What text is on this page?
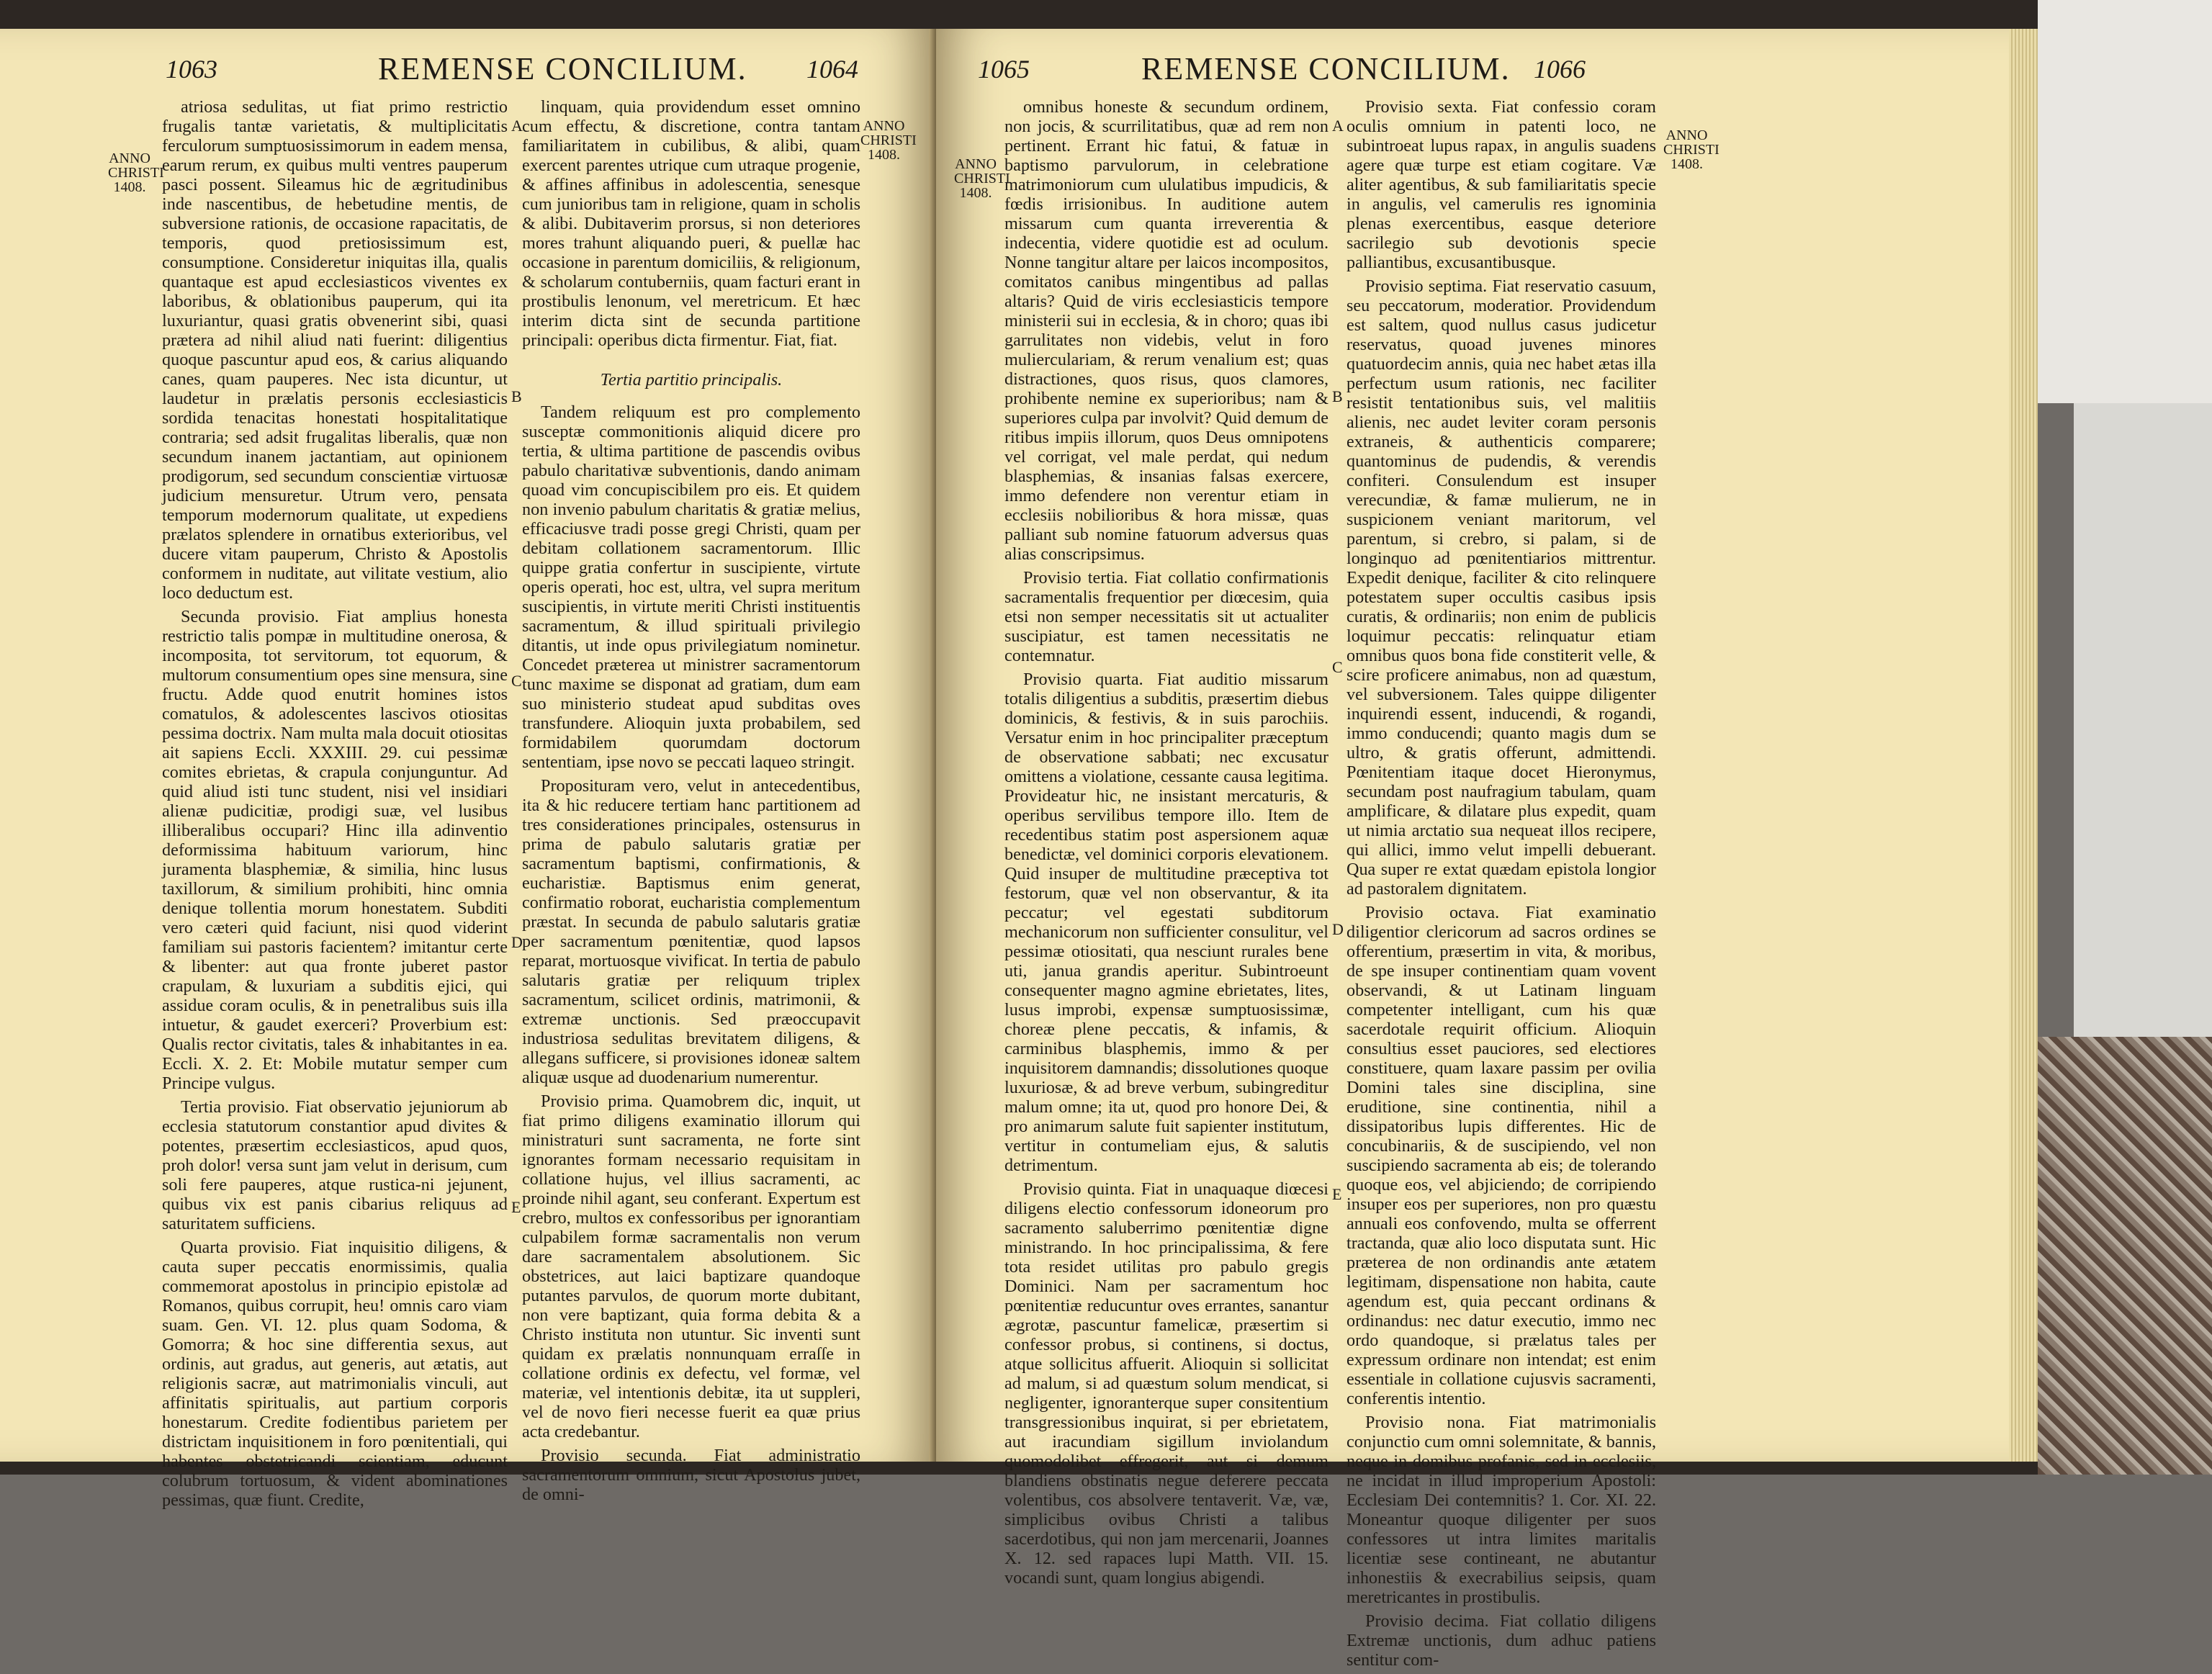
1063	REMENSE CONCILIUM. 1064
ANNO CHRISTI 1408.
ANNO CHRISTI 1408.

atriosa sedulitas, ut fiat primo restrictio frugalis tantæ varietatis, & multiplicitatis ferculorum sumptuosissimorum in eadem mensa, earum rerum, ex quibus multi ventres pauperum pasci possent. Sileamus hic de ægritudinibus inde nascentibus, de hebetudine mentis, de subversione rationis, de occasione rapacitatis, de temporis, quod pretiosissimum est, consumptione. Consideretur iniquitas illa, qualis quantaque est apud ecclesiasticos viventes ex laboribus, & oblationibus pauperum, qui ita luxuriantur, quasi gratis obvenerint sibi, quasi prætera ad nihil aliud nati fuerint: diligentius quoque pascuntur apud eos, & carius aliquando canes, quam pauperes. Nec ista dicuntur, ut laudetur in prælatis personis ecclesiasticis sordida tenacitas honestati hospitalitatique contraria; sed adsit frugalitas liberalis, quæ non secundum inanem jactantiam, aut opinionem prodigorum, sed secundum conscientiæ virtuosæ judicium mensuretur. Utrum vero, pensata temporum modernorum qualitate, ut expediens prælatos splendere in ornatibus exterioribus, vel ducere vitam pauperum, Christo & Apostolis conformem in nuditate, aut vilitate vestium, alio loco deductum est.

Secunda provisio. Fiat amplius honesta restrictio talis pompæ in multitudine onerosa, & incomposita, tot servitorum, tot equorum, & multorum consumentium opes sine mensura, sine fructu. Adde quod enutrit homines istos comatulos, & adolescentes lascivos otiositas pessima doctrix. Nam multa mala docuit otiositas ait sapiens Eccli. XXXIII. 29. cui pessimæ comites ebrietas, & crapula conjunguntur. Ad quid aliud isti tunc student, nisi vel insidiari alienæ pudicitiæ, prodigi suæ, vel lusibus illiberalibus occupari? Hinc illa adinventio deformissima habituum variorum, hinc juramenta blasphemiæ, & similia, hinc lusus taxillorum, & similium prohibiti, hinc omnia denique tollentia morum honestatem. Subditi vero cæteri quid faciunt, nisi quod viderint familiam sui pastoris facientem? imitantur certe & libenter: aut qua fronte juberet pastor crapulam, & luxuriam a subditis ejici, qui assidue coram oculis, & in penetralibus suis illa intuetur, & gaudet exerceri? Proverbium est: Qualis rector civitatis, tales & inhabitantes in ea. Eccli. X. 2. Et: Mobile mutatur semper cum Principe vulgus.

Tertia provisio. Fiat observatio jejuniorum ab ecclesia statutorum constantior apud divites & potentes, præsertim ecclesiasticos, apud quos, proh dolor! versa sunt jam velut in derisum, cum soli fere pauperes, atque rustica-ni jejunent, quibus vix est panis cibarius reliquus ad saturitatem sufficiens.

Quarta provisio. Fiat inquisitio diligens, & cauta super peccatis enormissimis, qualia commemorat apostolus in principio epistolæ ad Romanos, quibus corrupit, heu! omnis caro viam suam. Gen. VI. 12. plus quam Sodoma, & Gomorra; & hoc sine differentia sexus, aut ordinis, aut gradus, aut generis, aut ætatis, aut religionis sacræ, aut matrimonialis vinculi, aut affinitatis spiritualis, aut partium corporis honestarum. Credite fodientibus parietem per districtam inquisitionem in foro pœnitentiali, qui habentes obstetricandi scientiam, educunt colubrum tortuosum, & vident abominationes pessimas, quæ fiunt. Credite,

linquam, quia providendum esset omnino cum effectu, & discretione, contra tantam familiaritatem in cubilibus, & alibi, quam exercent parentes utrique cum utraque progenie, & affines affinibus in adolescentia, senesque cum junioribus tam in religione, quam in scholis & alibi. Dubitaverim prorsus, si non deteriores mores trahunt aliquando pueri, & puellæ hac occasione in parentum domiciliis, & religionum, & scholarum contuberniis, quam facturi erant in prostibulis lenonum, vel meretricum. Et hæc interim dicta sint de secunda partitione principali: operibus dicta firmentur. Fiat, fiat.

Tertia partitio principalis.

Tandem reliquum est pro complemento susceptæ commonitionis aliquid dicere pro tertia, & ultima partitione de pascendis ovibus pabulo charitativæ subventionis, dando animam quoad vim concupiscibilem pro eis. Et quidem non invenio pabulum charitatis & gratiæ melius, efficaciusve tradi posse gregi Christi, quam per debitam collationem sacramentorum. Illic quippe gratia confertur in suscipiente, virtute operis operati, hoc est, ultra, vel supra meritum suscipientis, in virtute meriti Christi instituentis sacramentum, & illud spirituali privilegio ditantis, ut inde opus privilegiatum nominetur. Concedet præterea ut ministrer sacramentorum tunc maxime se disponat ad gratiam, dum eam suo ministerio studeat apud subditas oves transfundere. Alioquin juxta probabilem, sed formidabilem quorumdam doctorum sententiam, ipse novo se peccati laqueo stringit.

Proposituram vero, velut in antecedentibus, ita & hic reducere tertiam hanc partitionem ad tres considerationes principales, ostensurus in prima de pabulo salutaris gratiæ per sacramentum baptismi, confirmationis, & eucharistiæ. Baptismus enim generat, confirmatio roborat, eucharistia complementum præstat. In secunda de pabulo salutaris gratiæ per sacramentum pœnitentiæ, quod lapsos reparat, mortuosque vivificat. In tertia de pabulo salutaris gratiæ per reliquum triplex sacramentum, scilicet ordinis, matrimonii, & extremæ unctionis. Sed præoccupavit industriosa sedulitas brevitatem diligens, & allegans sufficere, si provisiones idoneæ saltem aliquæ usque ad duodenarium numerentur.

Provisio prima. Quamobrem dic, inquit, ut fiat primo diligens examinatio illorum qui ministraturi sunt sacramenta, ne forte sint ignorantes formam necessario requisitam in collatione hujus, vel illius sacramenti, ac proinde nihil agant, seu conferant. Expertum est crebro, multos ex confessoribus per ignorantiam culpabilem formæ sacramentalis non verum dare sacramentalem absolutionem. Sic obstetrices, aut laici baptizare quandoque putantes parvulos, de quorum morte dubitant, non vere baptizant, quia forma debita & a Christo instituta non utuntur. Sic inventi sunt quidam ex prælatis nonnunquam erraſſe in collatione ordinis ex defectu, vel formæ, vel materiæ, vel intentionis debitæ, ita ut suppleri, vel de novo fieri necesse fuerit ea quæ prius acta credebantur.

Provisio secunda. Fiat administratio sacramentorum omnium, sicut Apostolus jubet, de omni-

A
B
C
D
E
1065	REMENSE CONCILIUM. 1066
ANNO CHRISTI 1408.
ANNO CHRISTI 1408.

omnibus honeste & secundum ordinem, non jocis, & scurrilitatibus, quæ ad rem non pertinent. Errant hic fatui, & fatuæ in baptismo parvulorum, in celebratione matrimoniorum cum ululatibus impudicis, & fœdis irrisionibus. In auditione autem missarum cum quanta irreverentia & indecentia, videre quotidie est ad oculum. Nonne tangitur altare per laicos incompositos, comitatos canibus mingentibus ad pallas altaris? Quid de viris ecclesiasticis tempore ministerii sui in ecclesia, & in choro; quas ibi garrulitates non videbis, velut in foro mulierculariam, & rerum venalium est; quas distractiones, quos risus, quos clamores, prohibente nemine ex superioribus; nam & superiores culpa par involvit? Quid demum de ritibus impiis illorum, quos Deus omnipotens vel corrigat, vel male perdat, qui nedum blasphemias, & insanias falsas exercere, immo defendere non verentur etiam in ecclesiis nobilioribus & hora missæ, quas palliant sub nomine fatuorum adversus quas alias conscripsimus.

Provisio tertia. Fiat collatio confirmationis sacramentalis frequentior per diœcesim, quia etsi non semper necessitatis sit ut actualiter suscipiatur, est tamen necessitatis ne contemnatur.

Provisio quarta. Fiat auditio missarum totalis diligentius a subditis, præsertim diebus dominicis, & festivis, & in suis parochiis. Versatur enim in hoc principaliter præceptum de observatione sabbati; nec excusatur omittens a violatione, cessante causa legitima. Provideatur hic, ne insistant mercaturis, & operibus servilibus tempore illo. Item de recedentibus statim post aspersionem aquæ benedictæ, vel dominici corporis elevationem. Quid insuper de multitudine præceptiva tot festorum, quæ vel non observantur, & ita peccatur; vel egestati subditorum mechanicorum non sufficienter consulitur, vel pessimæ otiositati, qua nesciunt rurales bene uti, janua grandis aperitur. Subintroeunt consequenter magno agmine ebrietates, lites, lusus improbi, expensæ sumptuosissimæ, choreæ plene peccatis, & infamis, & carminibus blasphemis, immo & per inquisitorem damnandis; dissolutiones quoque luxuriosæ, & ad breve verbum, subingreditur malum omne; ita ut, quod pro honore Dei, & pro animarum salute fuit sapienter institutum, vertitur in contumeliam ejus, & salutis detrimentum.

Provisio quinta. Fiat in unaquaque diœcesi diligens electio confessorum idoneorum pro sacramento saluberrimo pœnitentiæ digne ministrando. In hoc principalissima, & fere tota residet utilitas pro pabulo gregis Dominici. Nam per sacramentum hoc pœnitentiæ reducuntur oves errantes, sanantur ægrotæ, pascuntur famelicæ, præsertim si confessor probus, si continens, si doctus, atque sollicitus affuerit. Alioquin si sollicitat ad malum, si ad quæstum solum mendicat, si negligenter, ignoranterque super consitentium transgressionibus inquirat, si per ebrietatem, aut iracundiam sigillum inviolandum quomodolibet effregerit, aut si demum blandiens obstinatis negue deferere peccata volentibus, cos absolvere tentaverit. Væ, væ, simplicibus ovibus Christi a talibus sacerdotibus, qui non jam mercenarii, Joannes X. 12. sed rapaces lupi Matth. VII. 15. vocandi sunt, quam longius abigendi.

Provisio sexta. Fiat confessio coram oculis omnium in patenti loco, ne subintroeat lupus rapax, in angulis suadens agere quæ turpe est etiam cogitare. Væ aliter agentibus, & sub familiaritatis specie in angulis, vel camerulis res ignominia plenas exercentibus, easque deteriore sacrilegio sub devotionis specie palliantibus, excusantibusque.

Provisio septima. Fiat reservatio casuum, seu peccatorum, moderatior. Providendum est saltem, quod nullus casus judicetur reservatus, quoad juvenes minores quatuordecim annis, quia nec habet ætas illa perfectum usum rationis, nec faciliter resistit tentationibus suis, vel malitiis alienis, nec audet leviter coram personis extraneis, & authenticis comparere; quantominus de pudendis, & verendis confiteri. Consulendum est insuper verecundiæ, & famæ mulierum, ne in suspicionem veniant maritorum, vel parentum, si crebro, si palam, si de longinquo ad pœnitentiarios mittrentur. Expedit denique, faciliter & cito relinquere potestatem super occultis casibus ipsis curatis, & ordinariis; non enim de publicis loquimur peccatis: relinquatur etiam omnibus quos bona fide constiterit velle, & scire proficere animabus, non ad quæstum, vel subversionem. Tales quippe diligenter inquirendi essent, inducendi, & rogandi, immo conducendi; quanto magis dum se ultro, & gratis offerunt, admittendi. Pœnitentiam itaque docet Hieronymus, secundam post naufragium tabulam, quam amplificare, & dilatare plus expedit, quam ut nimia arctatio sua nequeat illos recipere, qui allici, immo velut impelli debuerant. Qua super re extat quædam epistola longior ad pastoralem dignitatem.

Provisio octava. Fiat examinatio diligentior clericorum ad sacros ordines se offerentium, præsertim in vita, & moribus, de spe insuper continentiam quam vovent observandi, & ut Latinam linguam competenter intelligant, cum his quæ sacerdotale requirit officium. Alioquin consultius esset pauciores, sed electiores constituere, quam laxare passim per ovilia Domini tales sine disciplina, sine eruditione, sine continentia, nihil a dissipatoribus lupis differentes. Hic de concubinariis, & de suscipiendo, vel non suscipiendo sacramenta ab eis; de tolerando quoque eos, vel abjiciendo; de corripiendo insuper eos per superiores, non pro quæstu annuali eos confovendo, multa se offerrent tractanda, quæ alio loco disputata sunt. Hic præterea de non ordinandis ante ætatem legitimam, dispensatione non habita, caute agendum est, quia peccant ordinans & ordinandus: nec datur executio, immo nec ordo quandoque, si prælatus tales per expressum ordinare non intendat; est enim essentiale in collatione cujusvis sacramenti, conferentis intentio.

Provisio nona. Fiat matrimonialis conjunctio cum omni solemnitate, & bannis, neque in domibus profanis, sed in ecclesiis, ne incidat in illud improperium Apostoli: Ecclesiam Dei contemnitis? 1. Cor. XI. 22. Moneantur quoque diligenter per suos confessores ut intra limites maritalis licentiæ sese contineant, ne abutantur inhonestiis & execrabilius seipsis, quam meretricantes in prostibulis.

Provisio decima. Fiat collatio diligens Extremæ unctionis, dum adhuc patiens sentitur com-

A
B
C
D
E
